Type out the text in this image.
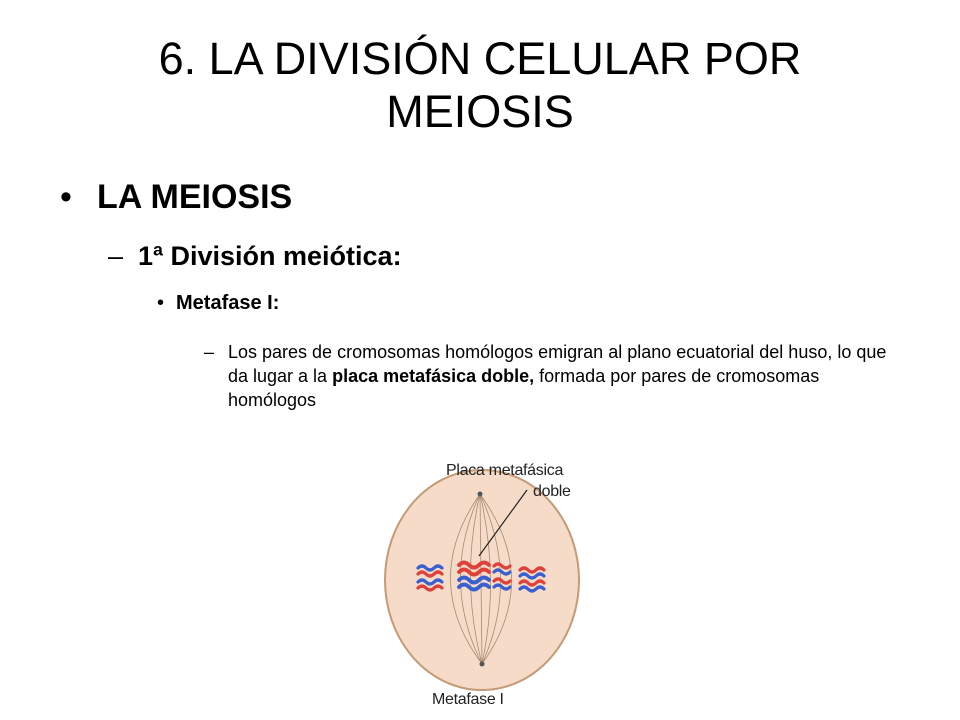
6. LA DIVISIÓN CELULAR POR
MEIOSIS
• LA MEIOSIS
– 1ª División meiótica:
• Metafase I:
– Los pares de cromosomas homólogos emigran al plano ecuatorial del huso, lo que da lugar a la placa metafásica doble, formada por pares de cromosomas homólogos
Placa metafásica
doble
Metafase I
